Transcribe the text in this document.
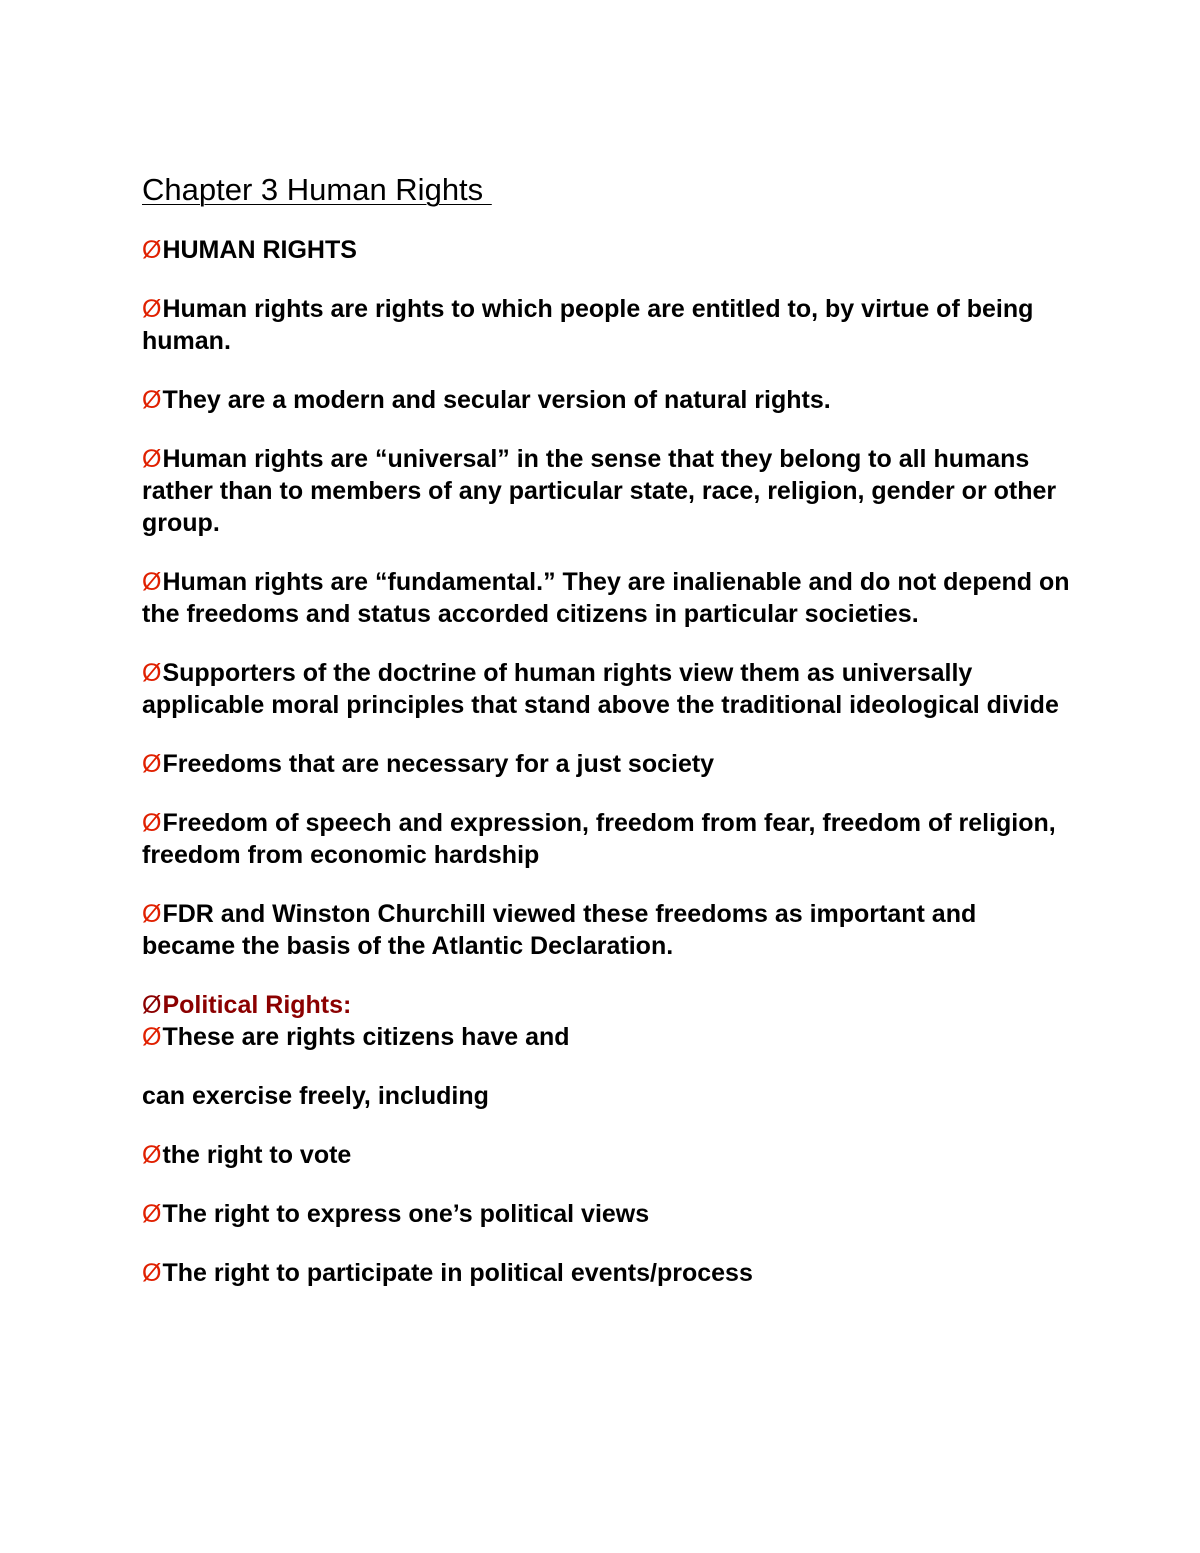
Chapter 3 Human Rights

ØHUMAN RIGHTS

ØHuman rights are rights to which people are entitled to, by virtue of being human.

ØThey are a modern and secular version of natural rights.

ØHuman rights are “universal” in the sense that they belong to all humans rather than to members of any particular state, race, religion, gender or other group.

ØHuman rights are “fundamental.” They are inalienable and do not depend on the freedoms and status accorded citizens in particular societies.

ØSupporters of the doctrine of human rights view them as universally applicable moral principles that stand above the traditional ideological divide

ØFreedoms that are necessary for a just society

ØFreedom of speech and expression, freedom from fear, freedom of religion, freedom from economic hardship

ØFDR and Winston Churchill viewed these freedoms as important and became the basis of the Atlantic Declaration.

ØPolitical Rights:

ØThese are rights citizens have and

can exercise freely, including

Øthe right to vote

ØThe right to express one’s political views

ØThe right to participate in political events/process
